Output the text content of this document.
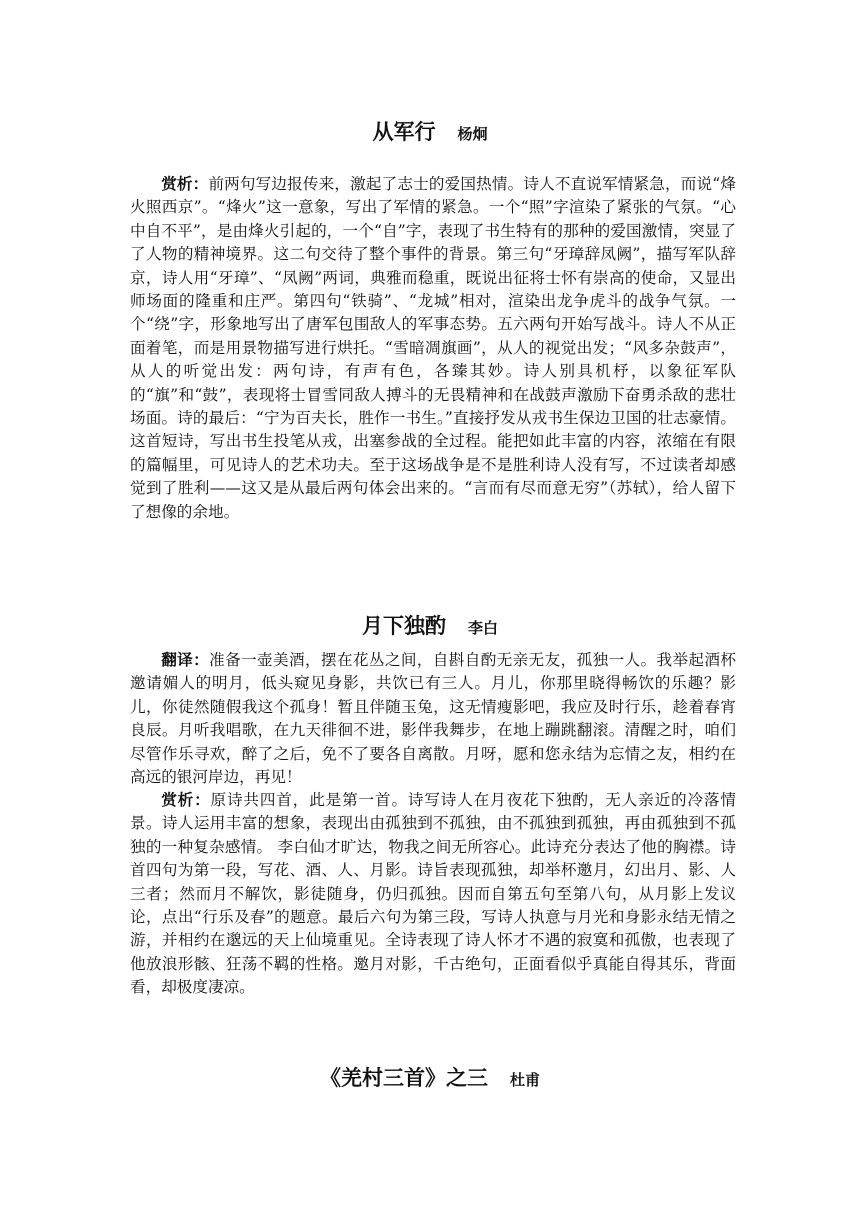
从军行 杨炯

赏析：前两句写边报传来，激起了志士的爱国热情。诗人不直说军情紧急，而说“烽火照西京”。“烽火”这一意象，写出了军情的紧急。一个“照”字渲染了紧张的气氛。“心中自不平”，是由烽火引起的，一个“自”字，表现了书生特有的那种的爱国激情，突显了了人物的精神境界。这二句交待了整个事件的背景。第三句“牙璋辞凤阙”，描写军队辞京，诗人用“牙璋”、“凤阙”两词，典雅而稳重，既说出征将士怀有崇高的使命，又显出师场面的隆重和庄严。第四句“铁骑”、“龙城”相对，渲染出龙争虎斗的战争气氛。一个“绕”字，形象地写出了唐军包围敌人的军事态势。五六两句开始写战斗。诗人不从正面着笔，而是用景物描写进行烘托。“雪暗凋旗画”，从人的视觉出发；“风多杂鼓声”，从人的听觉出发：两句诗，有声有色，各臻其妙。诗人别具机杼，以象征军队的“旗”和“鼓”，表现将士冒雪同敌人搏斗的无畏精神和在战鼓声激励下奋勇杀敌的悲壮场面。诗的最后：“宁为百夫长，胜作一书生。”直接抒发从戎书生保边卫国的壮志豪情。这首短诗，写出书生投笔从戎，出塞参战的全过程。能把如此丰富的内容，浓缩在有限的篇幅里，可见诗人的艺术功夫。至于这场战争是不是胜利诗人没有写，不过读者却感觉到了胜利——这又是从最后两句体会出来的。“言而有尽而意无穷”（苏轼），给人留下了想像的余地。

月下独酌 李白

翻译：准备一壶美酒，摆在花丛之间，自斟自酌无亲无友，孤独一人。我举起酒杯邀请媚人的明月，低头窥见身影，共饮已有三人。月儿，你那里晓得畅饮的乐趣？影儿，你徒然随假我这个孤身！暂且伴随玉兔，这无情瘦影吧，我应及时行乐，趁着春宵良辰。月听我唱歌，在九天徘徊不进，影伴我舞步，在地上蹦跳翻滚。清醒之时，咱们尽管作乐寻欢，醉了之后，免不了要各自离散。月呀，愿和您永结为忘情之友，相约在高远的银河岸边，再见！

赏析：原诗共四首，此是第一首。诗写诗人在月夜花下独酌，无人亲近的冷落情景。诗人运用丰富的想象，表现出由孤独到不孤独，由不孤独到孤独，再由孤独到不孤独的一种复杂感情。 李白仙才旷达，物我之间无所容心。此诗充分表达了他的胸襟。诗首四句为第一段，写花、酒、人、月影。诗旨表现孤独，却举杯邀月，幻出月、影、人三者；然而月不解饮，影徒随身，仍归孤独。因而自第五句至第八句，从月影上发议论，点出“行乐及春”的题意。最后六句为第三段，写诗人执意与月光和身影永结无情之游，并相约在邈远的天上仙境重见。全诗表现了诗人怀才不遇的寂寞和孤傲，也表现了他放浪形骸、狂荡不羁的性格。邀月对影，千古绝句，正面看似乎真能自得其乐，背面看，却极度凄凉。

《羌村三首》之三 杜甫
